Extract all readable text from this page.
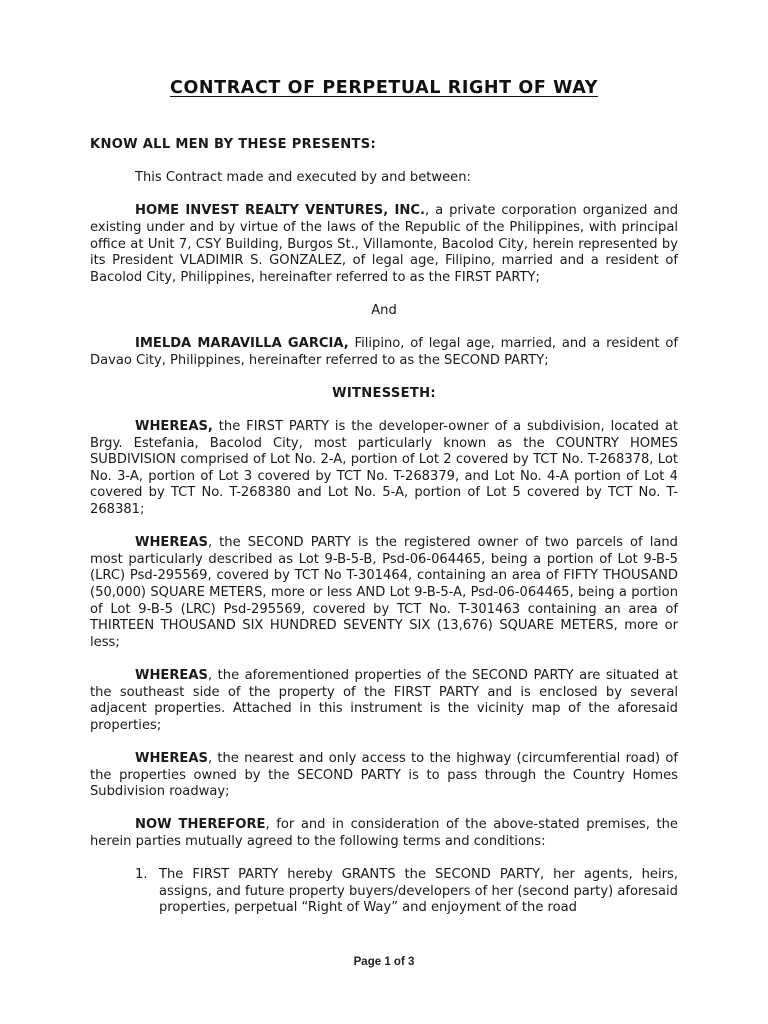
CONTRACT OF PERPETUAL RIGHT OF WAY

KNOW ALL MEN BY THESE PRESENTS:

This Contract made and executed by and between:

HOME INVEST REALTY VENTURES, INC., a private corporation organized and existing under and by virtue of the laws of the Republic of the Philippines, with principal office at Unit 7, CSY Building, Burgos St., Villamonte, Bacolod City, herein represented by its President VLADIMIR S. GONZALEZ, of legal age, Filipino, married and a resident of Bacolod City, Philippines, hereinafter referred to as the FIRST PARTY;

And

IMELDA MARAVILLA GARCIA, Filipino, of legal age, married, and a resident of Davao City, Philippines, hereinafter referred to as the SECOND PARTY;

WITNESSETH:

WHEREAS, the FIRST PARTY is the developer-owner of a subdivision, located at Brgy. Estefania, Bacolod City, most particularly known as the COUNTRY HOMES SUBDIVISION comprised of Lot No. 2-A, portion of Lot 2 covered by TCT No. T-268378, Lot No. 3-A, portion of Lot 3 covered by TCT No. T-268379, and Lot No. 4-A portion of Lot 4 covered by TCT No. T-268380 and Lot No. 5-A, portion of Lot 5 covered by TCT No. T-268381;

WHEREAS, the SECOND PARTY is the registered owner of two parcels of land most particularly described as Lot 9-B-5-B, Psd-06-064465, being a portion of Lot 9-B-5 (LRC) Psd-295569, covered by TCT No T-301464, containing an area of FIFTY THOUSAND (50,000) SQUARE METERS, more or less AND Lot 9-B-5-A, Psd-06-064465, being a portion of Lot 9-B-5 (LRC) Psd-295569, covered by TCT No. T-301463 containing an area of THIRTEEN THOUSAND SIX HUNDRED SEVENTY SIX (13,676) SQUARE METERS, more or less;

WHEREAS, the aforementioned properties of the SECOND PARTY are situated at the southeast side of the property of the FIRST PARTY and is enclosed by several adjacent properties. Attached in this instrument is the vicinity map of the aforesaid properties;

WHEREAS, the nearest and only access to the highway (circumferential road) of the properties owned by the SECOND PARTY is to pass through the Country Homes Subdivision roadway;

NOW THEREFORE, for and in consideration of the above-stated premises, the herein parties mutually agreed to the following terms and conditions:

1. The FIRST PARTY hereby GRANTS the SECOND PARTY, her agents, heirs, assigns, and future property buyers/developers of her (second party) aforesaid properties, perpetual “Right of Way” and enjoyment of the road
Page 1 of 3
